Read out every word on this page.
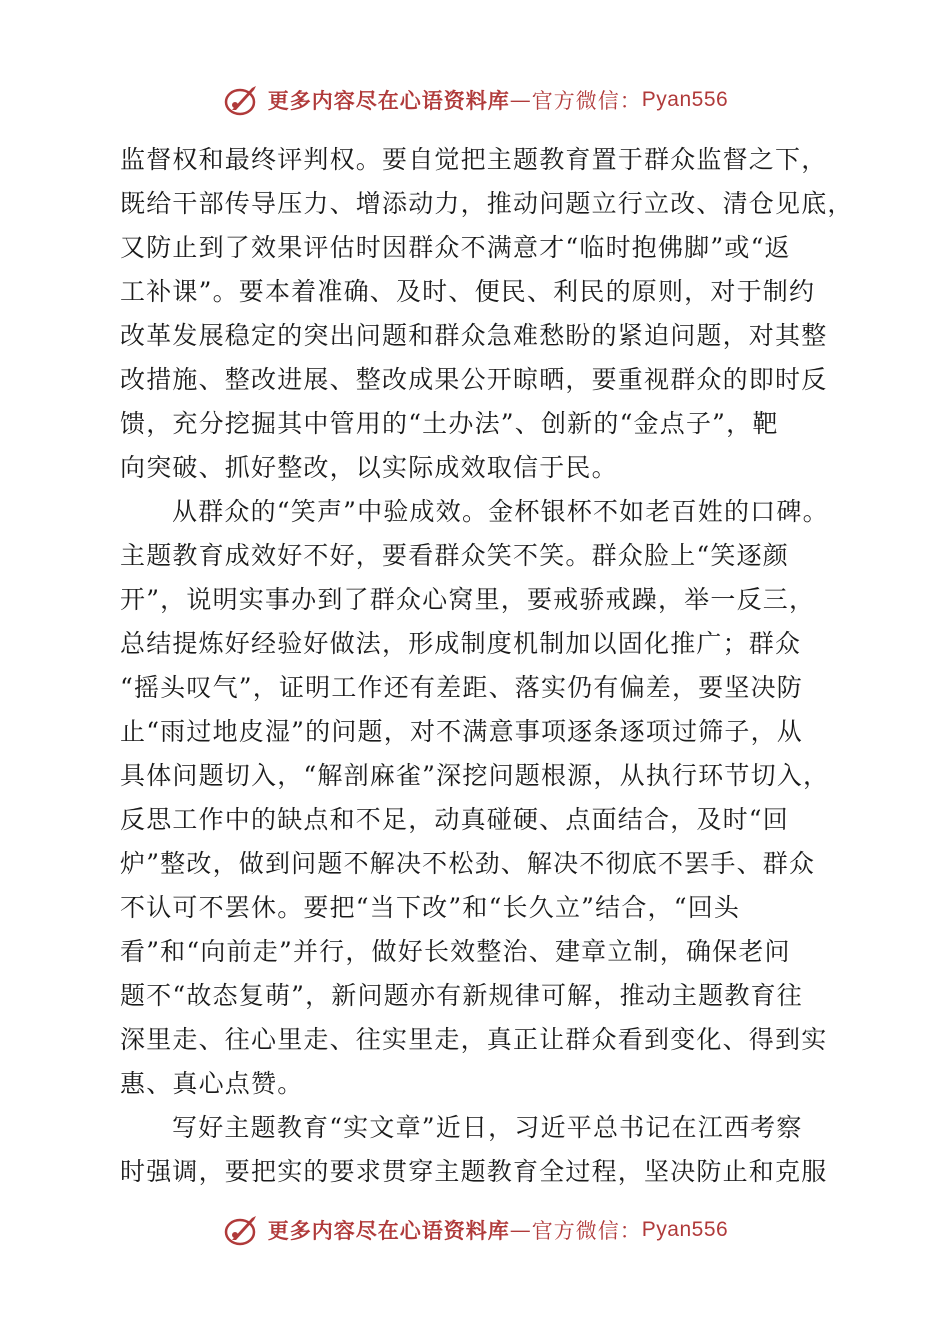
更多内容尽在心语资料库 — 官方微信： Pyan556
监督权和最终评判权。要自觉把主题教育置于群众监督之下，
既给干部传导压力、增添动力，推动问题立行立改、清仓见底，
又防止到了效果评估时因群众不满意才“临时抱佛脚”或“返
工补课”。要本着准确、及时、便民、利民的原则，对于制约
改革发展稳定的突出问题和群众急难愁盼的紧迫问题，对其整
改措施、整改进展、整改成果公开晾晒，要重视群众的即时反
馈，充分挖掘其中管用的“土办法”、创新的“金点子”，靶
向突破、抓好整改，以实际成效取信于民。
从群众的“笑声”中验成效。金杯银杯不如老百姓的口碑。
主题教育成效好不好，要看群众笑不笑。群众脸上“笑逐颜
开”，说明实事办到了群众心窝里，要戒骄戒躁，举一反三，
总结提炼好经验好做法，形成制度机制加以固化推广；群众
“摇头叹气”，证明工作还有差距、落实仍有偏差，要坚决防
止“雨过地皮湿”的问题，对不满意事项逐条逐项过筛子，从
具体问题切入，“解剖麻雀”深挖问题根源，从执行环节切入，
反思工作中的缺点和不足，动真碰硬、点面结合，及时“回
炉”整改，做到问题不解决不松劲、解决不彻底不罢手、群众
不认可不罢休。要把“当下改”和“长久立”结合，“回头
看”和“向前走”并行，做好长效整治、建章立制，确保老问
题不“故态复萌”，新问题亦有新规律可解，推动主题教育往
深里走、往心里走、往实里走，真正让群众看到变化、得到实
惠、真心点赞。
写好主题教育“实文章”近日，习近平总书记在江西考察
时强调，要把实的要求贯穿主题教育全过程，坚决防止和克服
更多内容尽在心语资料库 — 官方微信： Pyan556
